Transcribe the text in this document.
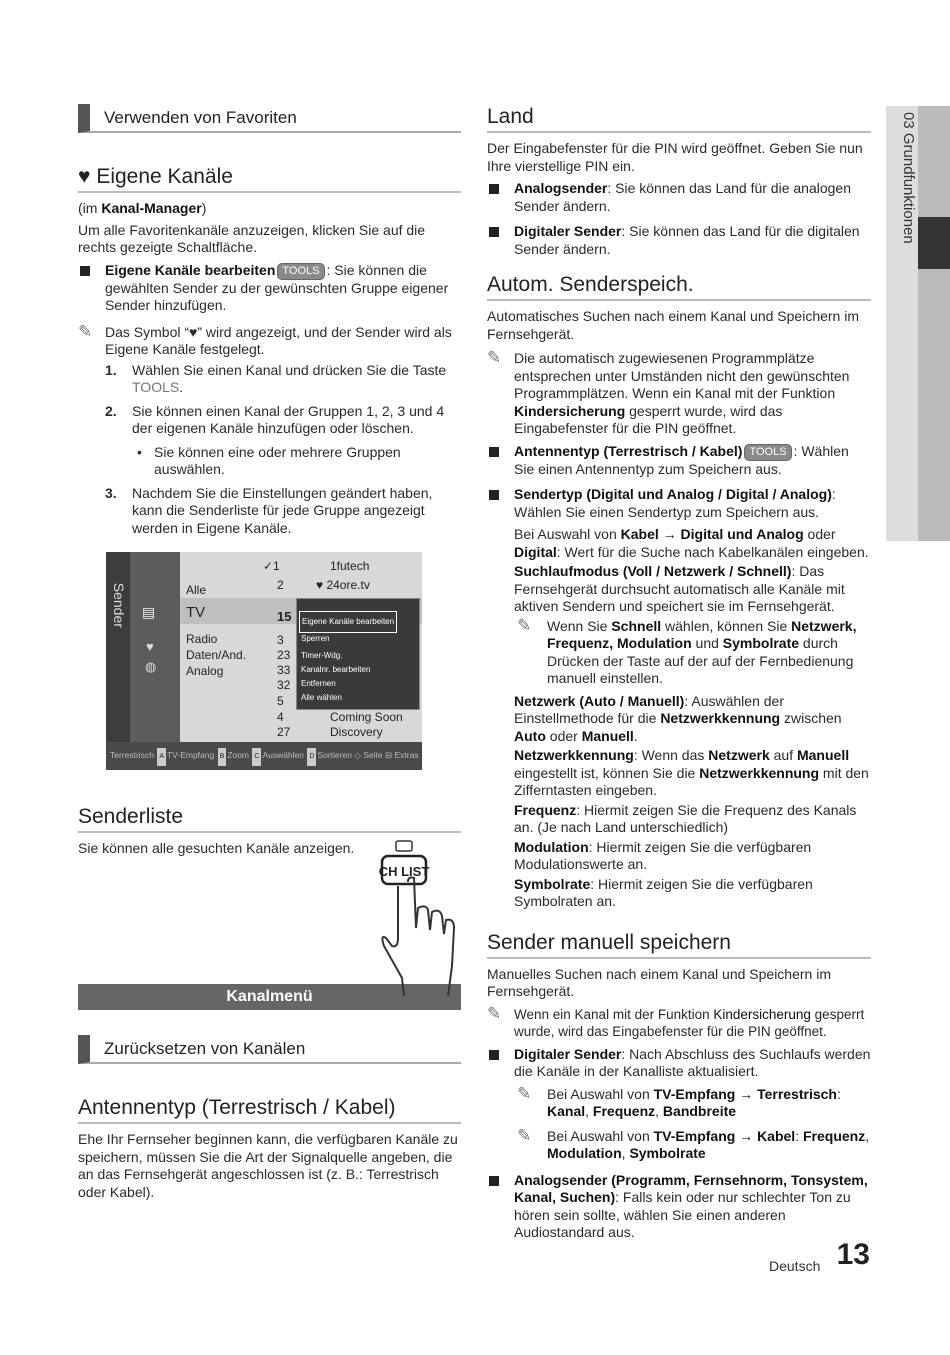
03 Grundfunktionen
Verwenden von Favoriten
♥ Eigene Kanäle

(im Kanal-Manager)

Um alle Favoritenkanäle anzuzeigen, klicken Sie auf die rechts gezeigte Schaltfläche.

Eigene Kanäle bearbeiten TOOLS : Sie können die gewählten Sender zu der gewünschten Gruppe eigener Sender hinzufügen.

✎ Das Symbol “♥” wird angezeigt, und der Sender wird als Eigene Kanäle festgelegt.

1. Wählen Sie einen Kanal und drücken Sie die Taste TOOLS.

2. Sie können einen Kanal der Gruppen 1, 2, 3 und 4 der eigenen Kanäle hinzufügen oder löschen.

• Sie können eine oder mehrere Gruppen auswählen.

3. Nachdem Sie die Einstellungen geändert haben, kann die Senderliste für jede Gruppe angezeigt werden in Eigene Kanäle.

Sender ▤
♥
◍
Alle
TV
Radio
Daten/And.
Analog
✓1
2
15
3
23
33
32
5
4
27
1futech
♥ 24ore.tv
Coming Soon
Discovery
Eigene Kanäle bearbeiten
Sperren
Timer-Wdg.
Kanalnr. bearbeiten
Entfernen
Alle wählen
Terrestrisch A TV-Empfang B Zoom C Auswählen D Sortieren ◇ Seite ⊟ Extras
Senderliste

Sie können alle gesuchten Kanäle anzeigen.

CH LIST
Kanalmenü
Zurücksetzen von Kanälen
Antennentyp (Terrestrisch / Kabel)

Ehe Ihr Fernseher beginnen kann, die verfügbaren Kanäle zu speichern, müssen Sie die Art der Signalquelle angeben, die an das Fernsehgerät angeschlossen ist (z. B.: Terrestrisch oder Kabel).

Land

Der Eingabefenster für die PIN wird geöffnet. Geben Sie nun Ihre vierstellige PIN ein.

Analogsender: Sie können das Land für die analogen Sender ändern.

Digitaler Sender: Sie können das Land für die digitalen Sender ändern.

Autom. Senderspeich.

Automatisches Suchen nach einem Kanal und Speichern im Fernsehgerät.

✎ Die automatisch zugewiesenen Programmplätze entsprechen unter Umständen nicht den gewünschten Programmplätzen. Wenn ein Kanal mit der Funktion Kindersicherung gesperrt wurde, wird das Eingabefenster für die PIN geöffnet.

Antennentyp (Terrestrisch / Kabel) TOOLS : Wählen Sie einen Antennentyp zum Speichern aus.

Sendertyp (Digital und Analog / Digital / Analog): Wählen Sie einen Sendertyp zum Speichern aus.

Bei Auswahl von Kabel → Digital und Analog oder Digital: Wert für die Suche nach Kabelkanälen eingeben.

Suchlaufmodus (Voll / Netzwerk / Schnell): Das Fernsehgerät durchsucht automatisch alle Kanäle mit aktiven Sendern und speichert sie im Fernsehgerät.

✎ Wenn Sie Schnell wählen, können Sie Netzwerk, Frequenz, Modulation und Symbolrate durch Drücken der Taste auf der auf der Fernbedienung manuell einstellen.

Netzwerk (Auto / Manuell): Auswählen der Einstellmethode für die Netzwerkkennung zwischen Auto oder Manuell.

Netzwerkkennung: Wenn das Netzwerk auf Manuell eingestellt ist, können Sie die Netzwerkkennung mit den Zifferntasten eingeben.

Frequenz: Hiermit zeigen Sie die Frequenz des Kanals an. (Je nach Land unterschiedlich)

Modulation: Hiermit zeigen Sie die verfügbaren Modulationswerte an.

Symbolrate: Hiermit zeigen Sie die verfügbaren Symbolraten an.

Sender manuell speichern

Manuelles Suchen nach einem Kanal und Speichern im Fernsehgerät.

✎ Wenn ein Kanal mit der Funktion Kindersicherung gesperrt wurde, wird das Eingabefenster für die PIN geöffnet.

Digitaler Sender: Nach Abschluss des Suchlaufs werden die Kanäle in der Kanalliste aktualisiert.

✎ Bei Auswahl von TV-Empfang → Terrestrisch: Kanal, Frequenz, Bandbreite

✎ Bei Auswahl von TV-Empfang → Kabel: Frequenz, Modulation, Symbolrate

Analogsender (Programm, Fernsehnorm, Tonsystem, Kanal, Suchen): Falls kein oder nur schlechter Ton zu hören sein sollte, wählen Sie einen anderen Audiostandard aus.

Deutsch 13
